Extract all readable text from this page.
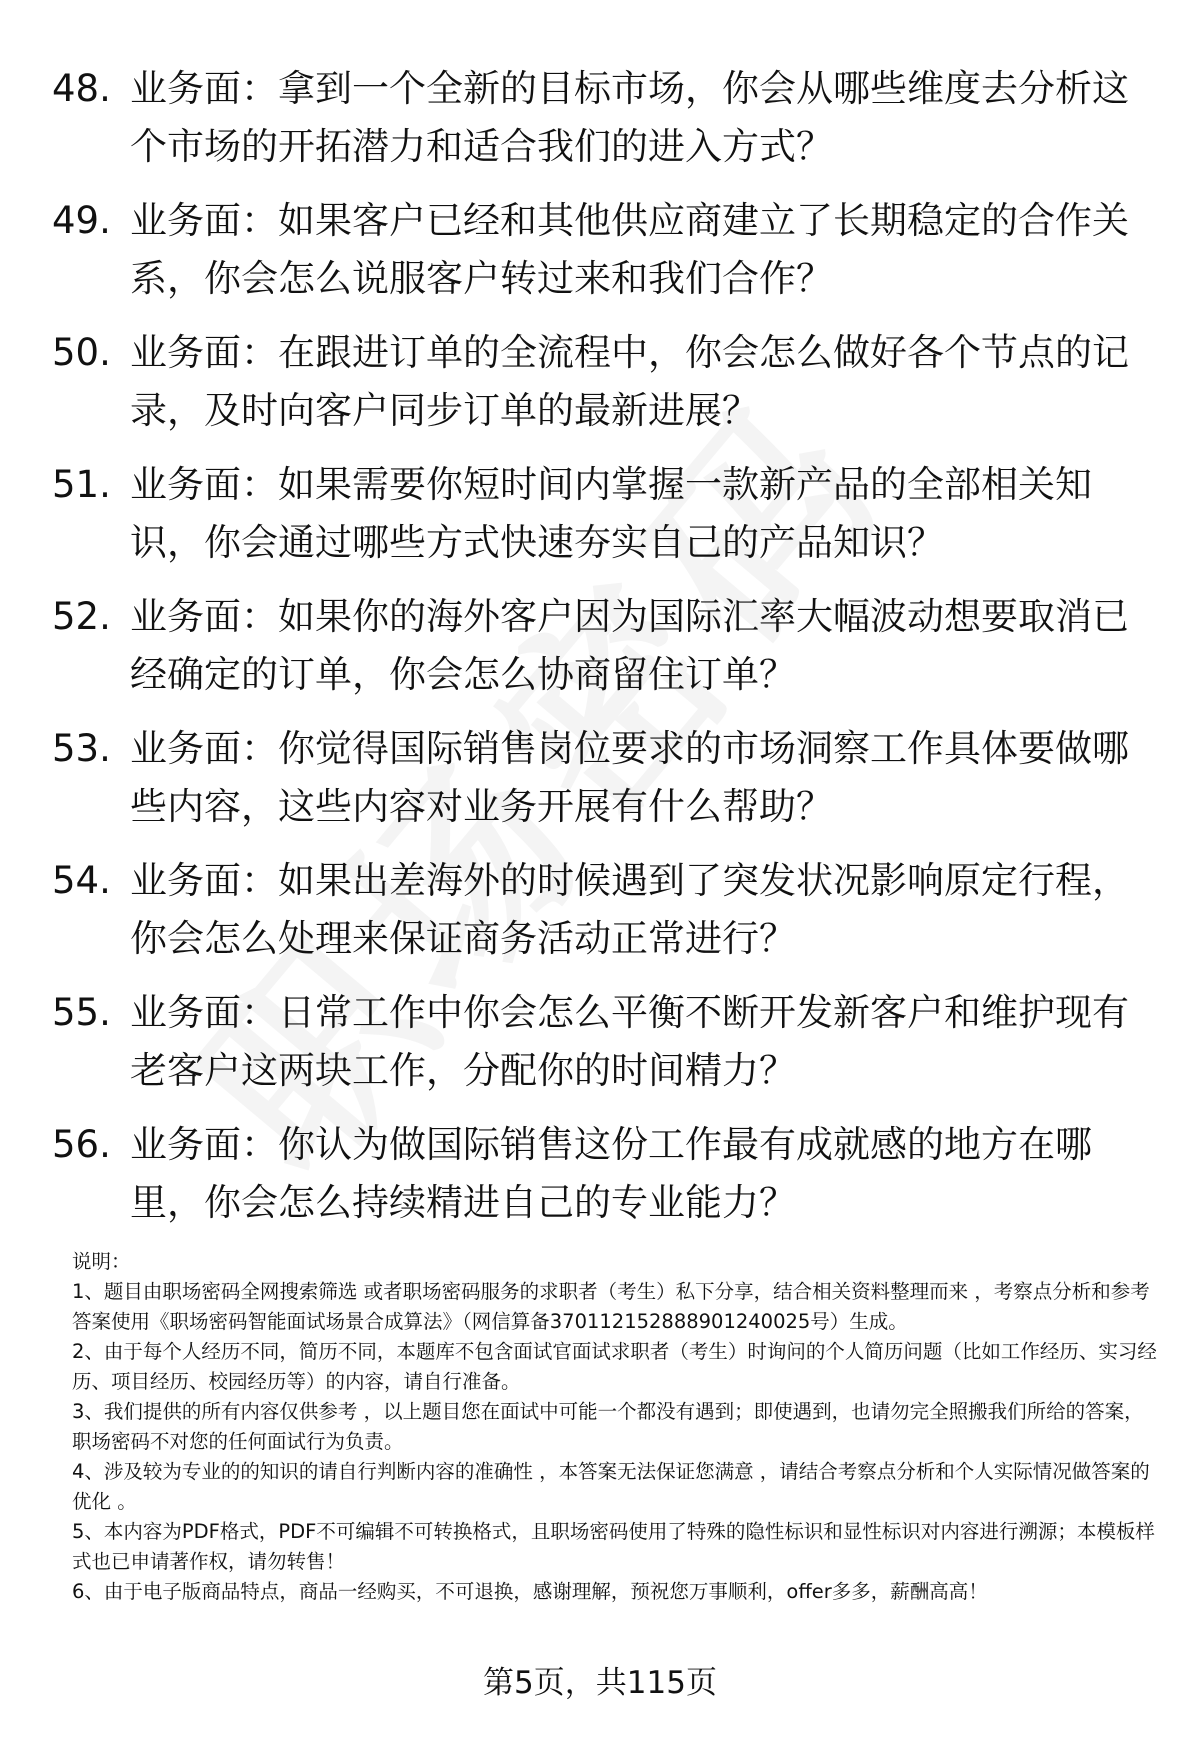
48. 业务面：拿到一个全新的目标市场，你会从哪些维度去分析这个市场的开拓潜力和适合我们的进入方式？
49. 业务面：如果客户已经和其他供应商建立了长期稳定的合作关系，你会怎么说服客户转过来和我们合作？
50. 业务面：在跟进订单的全流程中，你会怎么做好各个节点的记录，及时向客户同步订单的最新进展？
51. 业务面：如果需要你短时间内掌握一款新产品的全部相关知识，你会通过哪些方式快速夯实自己的产品知识？
52. 业务面：如果你的海外客户因为国际汇率大幅波动想要取消已经确定的订单，你会怎么协商留住订单？
53. 业务面：你觉得国际销售岗位要求的市场洞察工作具体要做哪些内容，这些内容对业务开展有什么帮助？
54. 业务面：如果出差海外的时候遇到了突发状况影响原定行程，你会怎么处理来保证商务活动正常进行？
55. 业务面：日常工作中你会怎么平衡不断开发新客户和维护现有老客户这两块工作，分配你的时间精力？
56. 业务面：你认为做国际销售这份工作最有成就感的地方在哪里，你会怎么持续精进自己的专业能力？

说明：

1、题目由职场密码全网搜索筛选 或者职场密码服务的求职者（考生）私下分享，结合相关资料整理而来 ，考察点分析和参考答案使用《职场密码智能面试场景合成算法》（网信算备370112152888901240025号）生成。

2、由于每个人经历不同，简历不同，本题库不包含面试官面试求职者（考生）时询问的个人简历问题（比如工作经历、实习经历、项目经历、校园经历等）的内容，请自行准备。

3、我们提供的所有内容仅供参考 ，以上题目您在面试中可能一个都没有遇到；即使遇到，也请勿完全照搬我们所给的答案，职场密码不对您的任何面试行为负责。

4、涉及较为专业的的知识的请自行判断内容的准确性 ，本答案无法保证您满意 ，请结合考察点分析和个人实际情况做答案的优化 。

5、本内容为PDF格式，PDF不可编辑不可转换格式，且职场密码使用了特殊的隐性标识和显性标识对内容进行溯源；本模板样式也已申请著作权，请勿转售！

6、由于电子版商品特点，商品一经购买，不可退换，感谢理解，预祝您万事顺利，offer多多，薪酬高高！

第5页，共115页
